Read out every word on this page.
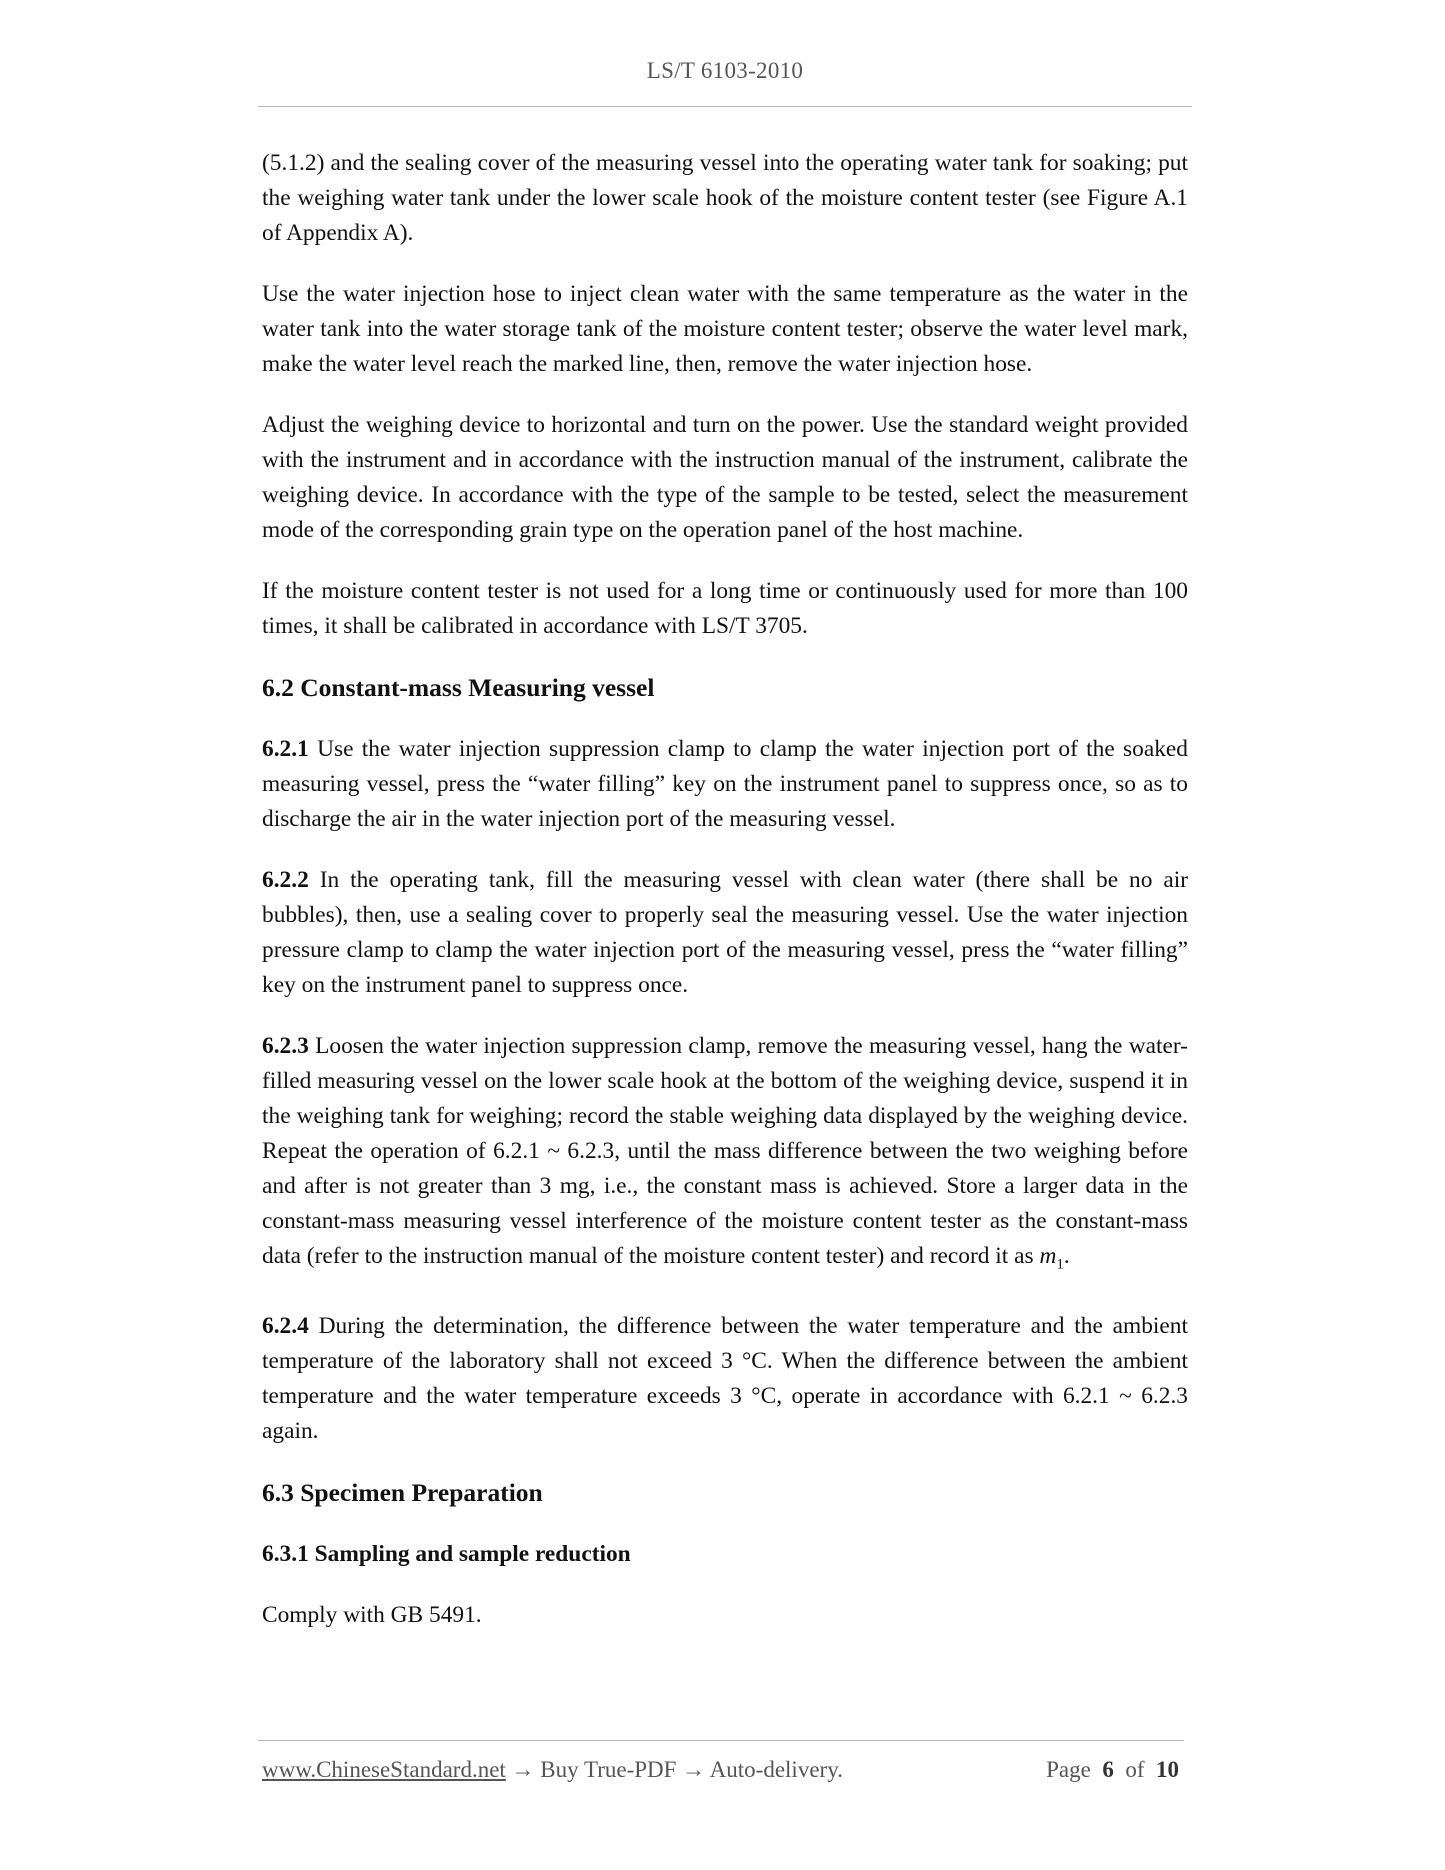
LS/T 6103-2010

(5.1.2) and the sealing cover of the measuring vessel into the operating water tank for soaking; put the weighing water tank under the lower scale hook of the moisture content tester (see Figure A.1 of Appendix A).

Use the water injection hose to inject clean water with the same temperature as the water in the water tank into the water storage tank of the moisture content tester; observe the water level mark, make the water level reach the marked line, then, remove the water injection hose.

Adjust the weighing device to horizontal and turn on the power. Use the standard weight provided with the instrument and in accordance with the instruction manual of the instrument, calibrate the weighing device. In accordance with the type of the sample to be tested, select the measurement mode of the corresponding grain type on the operation panel of the host machine.

If the moisture content tester is not used for a long time or continuously used for more than 100 times, it shall be calibrated in accordance with LS/T 3705.

6.2 Constant-mass Measuring vessel

6.2.1 Use the water injection suppression clamp to clamp the water injection port of the soaked measuring vessel, press the “water filling” key on the instrument panel to suppress once, so as to discharge the air in the water injection port of the measuring vessel.

6.2.2 In the operating tank, fill the measuring vessel with clean water (there shall be no air bubbles), then, use a sealing cover to properly seal the measuring vessel. Use the water injection pressure clamp to clamp the water injection port of the measuring vessel, press the “water filling” key on the instrument panel to suppress once.

6.2.3 Loosen the water injection suppression clamp, remove the measuring vessel, hang the water-filled measuring vessel on the lower scale hook at the bottom of the weighing device, suspend it in the weighing tank for weighing; record the stable weighing data displayed by the weighing device. Repeat the operation of 6.2.1 ~ 6.2.3, until the mass difference between the two weighing before and after is not greater than 3 mg, i.e., the constant mass is achieved. Store a larger data in the constant-mass measuring vessel interference of the moisture content tester as the constant-mass data (refer to the instruction manual of the moisture content tester) and record it as $m_1$.

6.2.4 During the determination, the difference between the water temperature and the ambient temperature of the laboratory shall not exceed 3 °C. When the difference between the ambient temperature and the water temperature exceeds 3 °C, operate in accordance with 6.2.1 ~ 6.2.3 again.

6.3 Specimen Preparation
6.3.1 Sampling and sample reduction

Comply with GB 5491.

www.ChineseStandard.net → Buy True-PDF → Auto-delivery.	Page 6 of 10
